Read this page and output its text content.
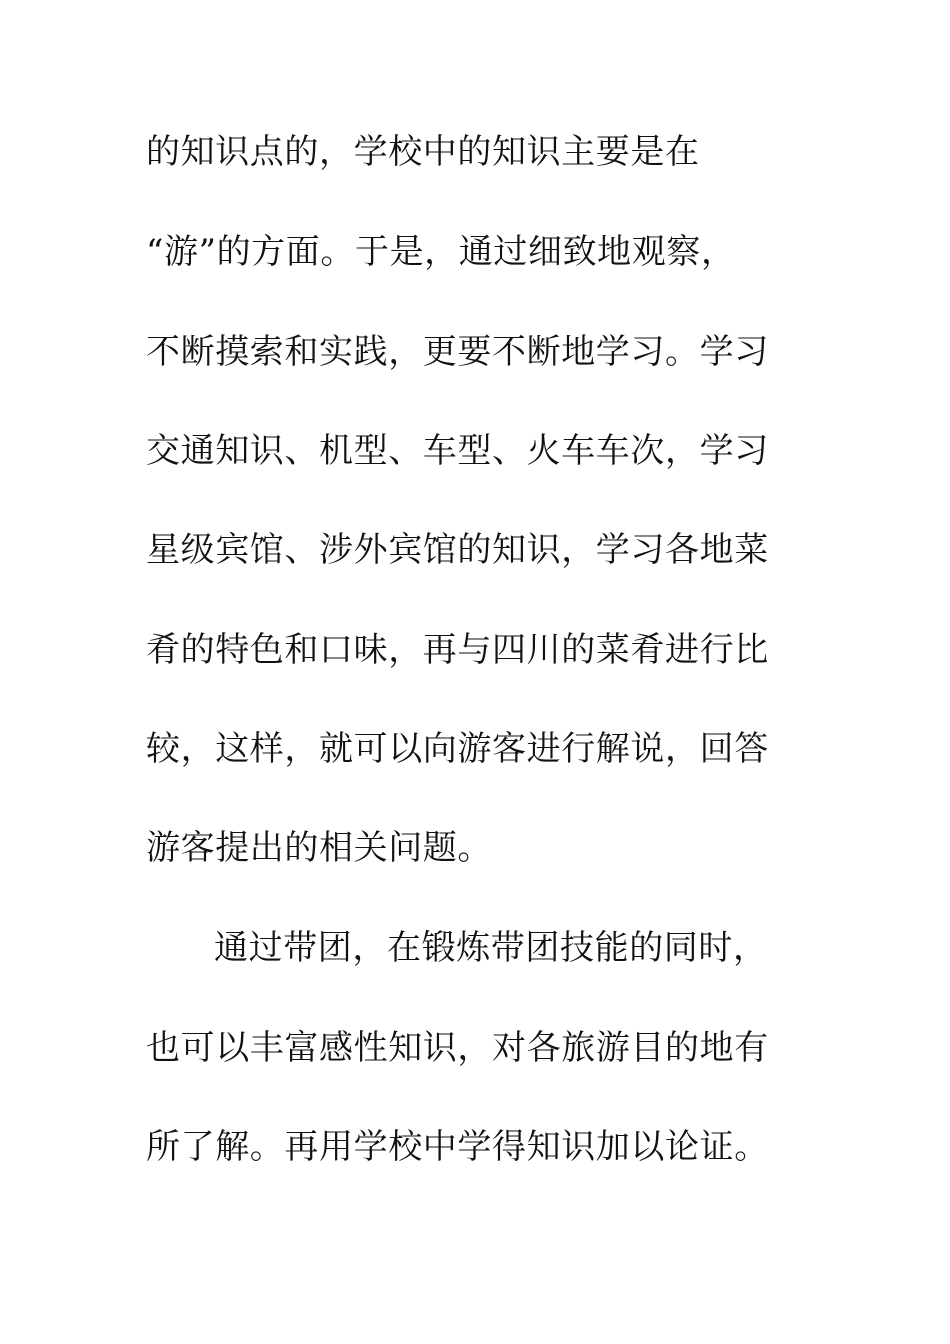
的知识点的，学校中的知识主要是在
“游”的方面。于是，通过细致地观察，
不断摸索和实践，更要不断地学习。学习
交通知识、机型、车型、火车车次，学习
星级宾馆、涉外宾馆的知识，学习各地菜
肴的特色和口味，再与四川的菜肴进行比
较，这样，就可以向游客进行解说，回答
游客提出的相关问题。
通过带团，在锻炼带团技能的同时，
也可以丰富感性知识，对各旅游目的地有
所了解。再用学校中学得知识加以论证。
